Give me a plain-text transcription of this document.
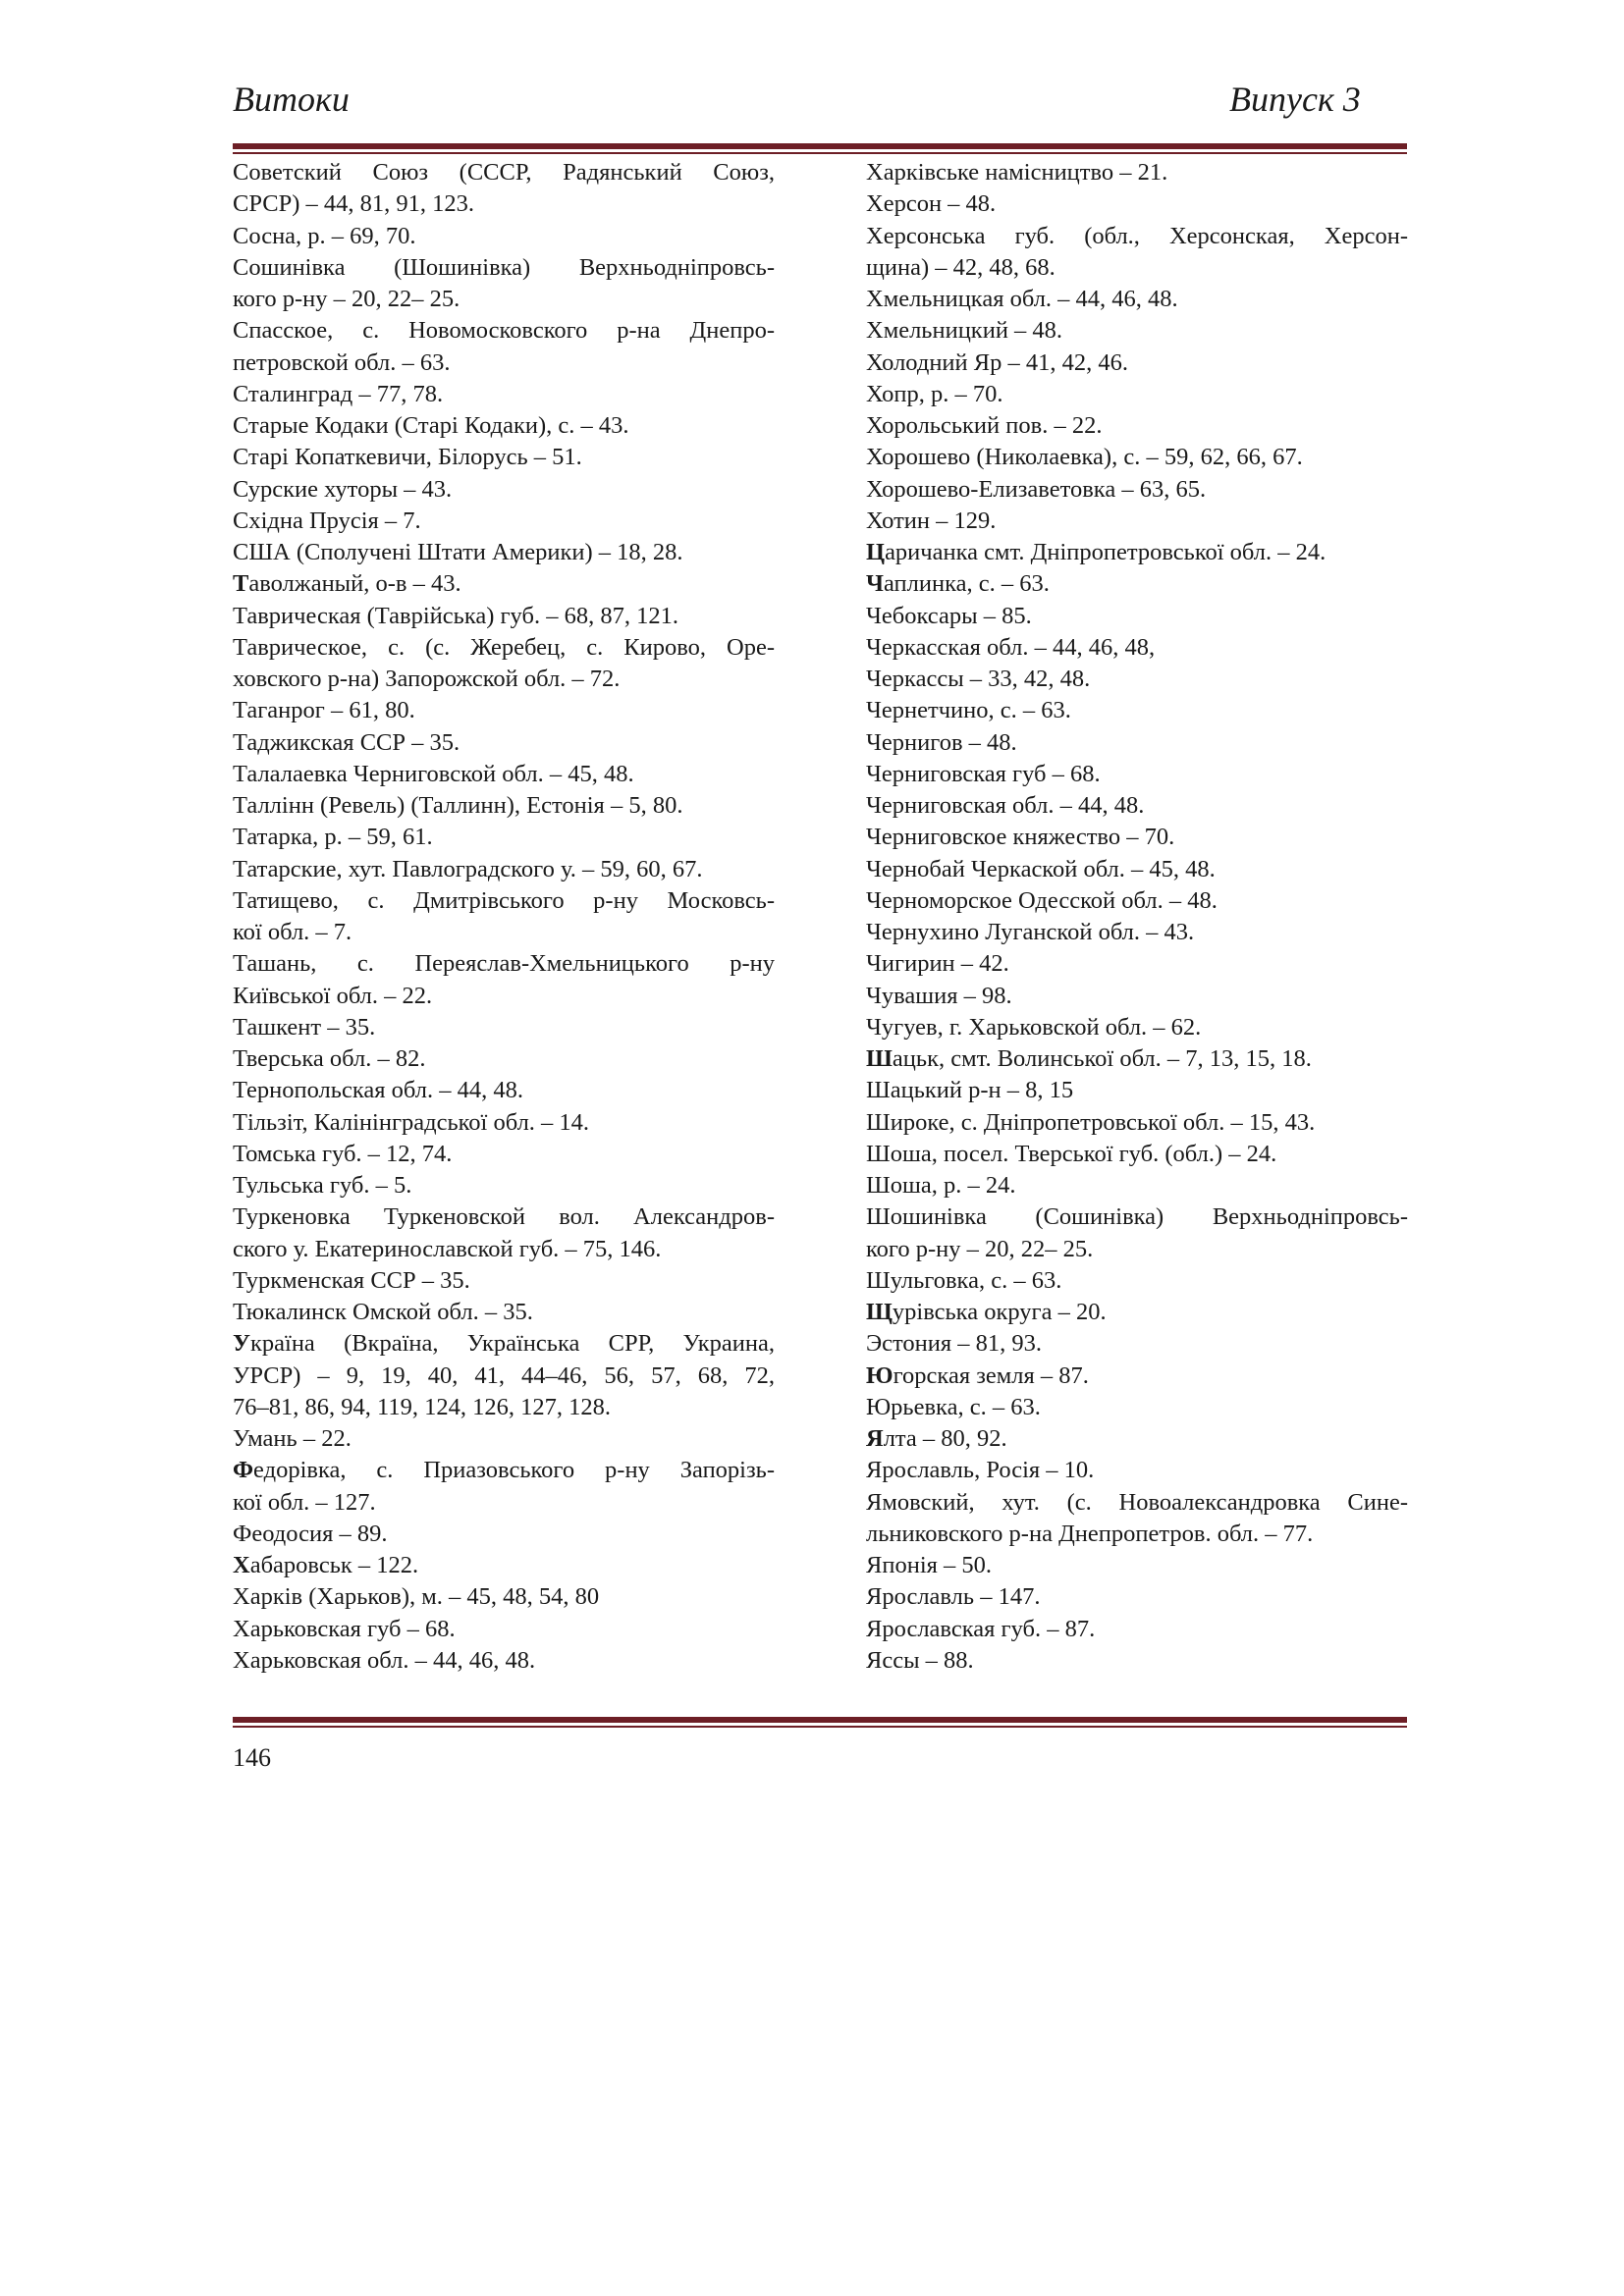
Витоки	Випуск 3
Советский Союз (СССР, Радянський Союз,
СРСР) – 44, 81, 91, 123.
Сосна, р. – 69, 70.
Сошинівка (Шошинівка) Верхньодніпровсь-
кого р-ну – 20, 22– 25.
Спасское, с. Новомосковского р-на Днепро-
петровской обл. – 63.
Сталинград – 77, 78.
Старые Кодаки (Старі Кодаки), с. – 43.
Старі Копаткевичи, Білорусь – 51.
Сурские хуторы – 43.
Східна Прусія – 7.
США (Сполучені Штати Америки) – 18, 28.
Таволжаный, о-в – 43.
Таврическая (Таврійська) губ. – 68, 87, 121.
Таврическое, с. (с. Жеребец, с. Кирово, Оре-
ховского р-на) Запорожской обл. – 72.
Таганрог – 61, 80.
Таджикская ССР – 35.
Талалаевка Черниговской обл. – 45, 48.
Таллінн (Ревель) (Таллинн), Естонія – 5, 80.
Татарка, р. – 59, 61.
Татарские, хут. Павлоградского у. – 59, 60, 67.
Татищево, с. Дмитрівського р-ну Московсь-
кої обл. – 7.
Ташань, с. Переяслав-Хмельницького р-ну
Київської обл. – 22.
Ташкент – 35.
Тверська обл. – 82.
Тернопольская обл. – 44, 48.
Тільзіт, Калінінградської обл. – 14.
Томська губ. – 12, 74.
Тульська губ. – 5.
Туркеновка Туркеновской вол. Александров-
ского у. Екатеринославской губ. – 75, 146.
Туркменская ССР – 35.
Тюкалинск Омской обл. – 35.
Україна (Вкраїна, Українська СРР, Украина,
УРСР) – 9, 19, 40, 41, 44–46, 56, 57, 68, 72,
76–81, 86, 94, 119, 124, 126, 127, 128.
Умань – 22.
Федорівка, с. Приазовського р-ну Запорізь-
кої обл. – 127.
Феодосия – 89.
Хабаровськ – 122.
Харків (Харьков), м. – 45, 48, 54, 80
Харьковская губ – 68.
Харьковская обл. – 44, 46, 48.
Харківське намісництво – 21.
Херсон – 48.
Херсонська губ. (обл., Херсонская, Херсон-
щина) – 42, 48, 68.
Хмельницкая обл. – 44, 46, 48.
Хмельницкий – 48.
Холодний Яр – 41, 42, 46.
Хопр, р. – 70.
Хорольський пов. – 22.
Хорошево (Николаевка), с. – 59, 62, 66, 67.
Хорошево-Елизаветовка – 63, 65.
Хотин – 129.
Царичанка смт. Дніпропетровської обл. – 24.
Чаплинка, с. – 63.
Чебоксары – 85.
Черкасская обл. – 44, 46, 48,
Черкассы – 33, 42, 48.
Чернетчино, с. – 63.
Чернигов – 48.
Черниговская губ – 68.
Черниговская обл. – 44, 48.
Черниговское княжество – 70.
Чернобай Черкаской обл. – 45, 48.
Черноморское Одесской обл. – 48.
Чернухино Луганской обл. – 43.
Чигирин – 42.
Чувашия – 98.
Чугуев, г. Харьковской обл. – 62.
Шацьк, смт. Волинської обл. – 7, 13, 15, 18.
Шацький р-н – 8, 15
Широке, с. Дніпропетровської обл. – 15, 43.
Шоша, посел. Тверської губ. (обл.) – 24.
Шоша, р. – 24.
Шошинівка (Сошинівка) Верхньодніпровсь-
кого р-ну – 20, 22– 25.
Шульговка, с. – 63.
Щурівська округа – 20.
Эстония – 81, 93.
Югорская земля – 87.
Юрьевка, с. – 63.
Ялта – 80, 92.
Ярославль, Росія – 10.
Ямовский, хут. (с. Новоалександровка Сине-
льниковского р-на Днепропетров. обл. – 77.
Японія – 50.
Ярославль – 147.
Ярославская губ. – 87.
Яссы – 88.
146
